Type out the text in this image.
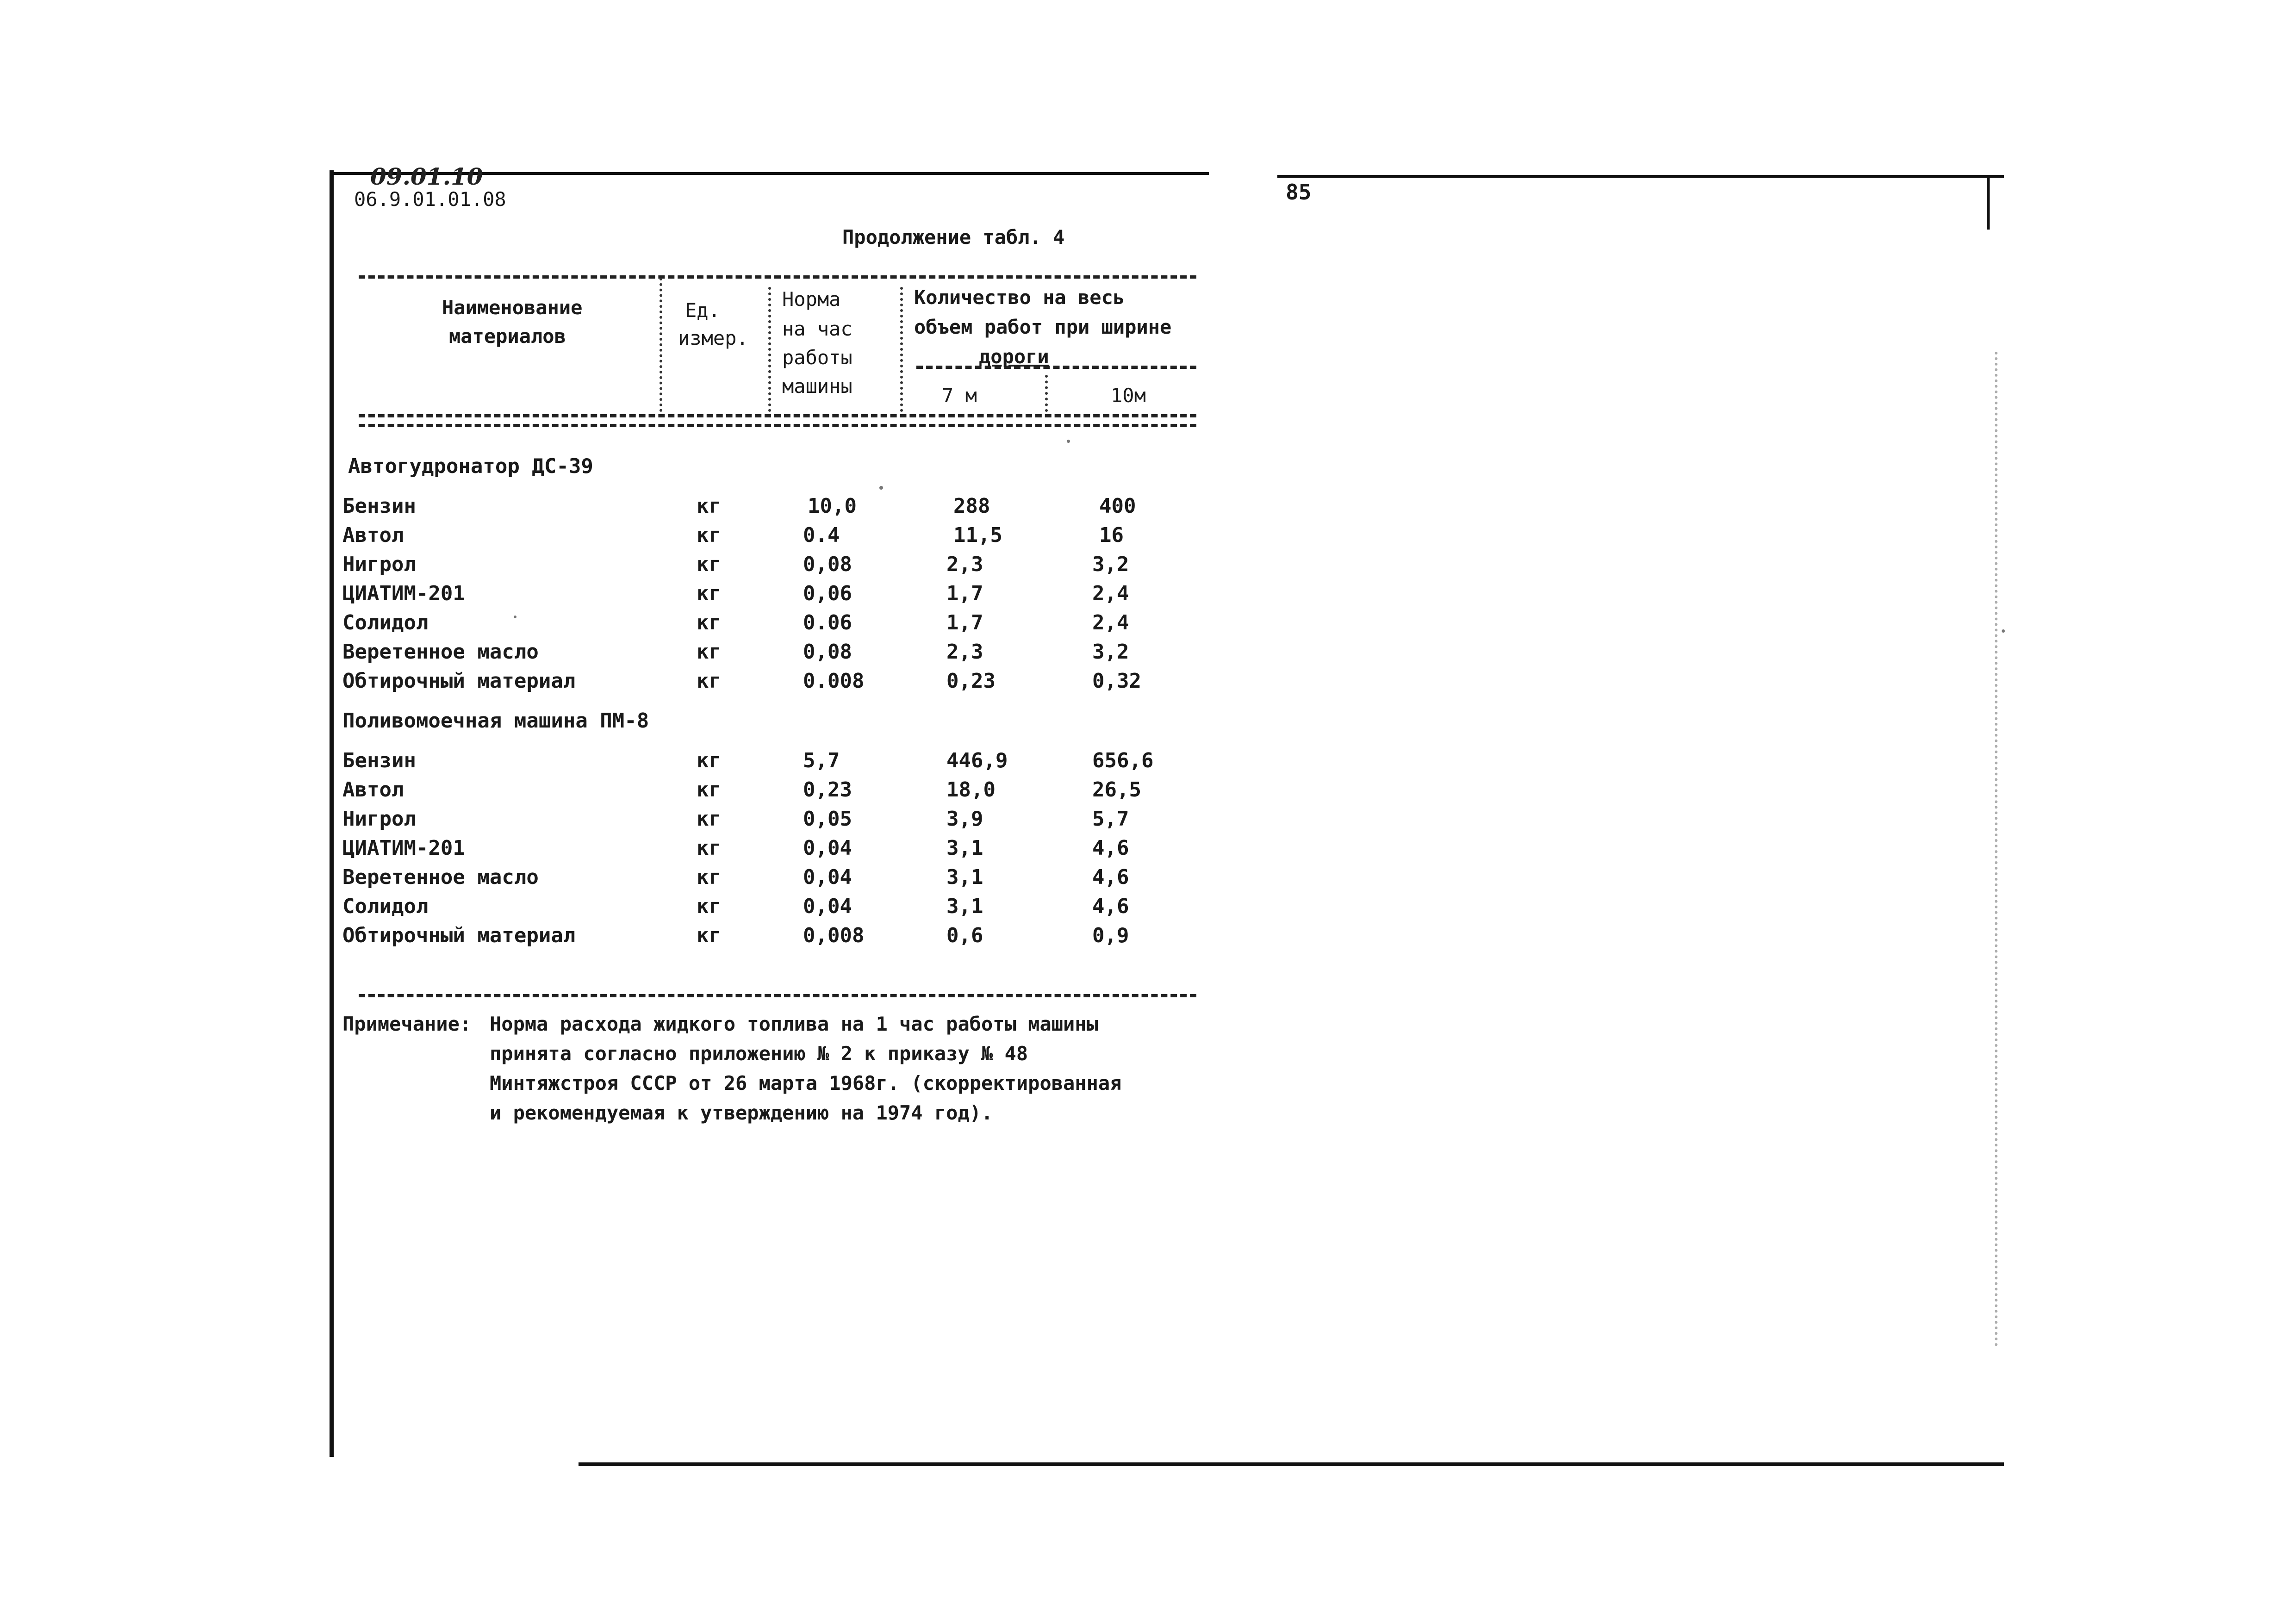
09.01.10
06.9.01.01.08	85
Продолжение табл. 4
Наименование
материалов
Ед.
измер.
Норма
на час
работы
машины
Количество на весь
объем работ при ширине
дороги
7 м	10м
Автогудронатор ДС-39
Бензин	кг	10,0	288	400
Автол	кг	0.4	11,5	16
Нигрол	кг	0,08	2,3	3,2
ЦИАТИМ-201	кг	0,06	1,7	2,4
Солидол	кг	0.06	1,7	2,4
Веретенное масло	кг	0,08	2,3	3,2
Обтирочный материал	кг	0.008	0,23	0,32
Поливомоечная машина ПМ-8
Бензин	кг	5,7	446,9	656,6
Автол	кг	0,23	18,0	26,5
Нигрол	кг	0,05	3,9	5,7
ЦИАТИМ-201	кг	0,04	3,1	4,6
Веретенное масло	кг	0,04	3,1	4,6
Солидол	кг	0,04	3,1	4,6
Обтирочный материал	кг	0,008	0,6	0,9
Примечание: Норма расхода жидкого топлива на 1 час работы машины
принята согласно приложению № 2 к приказу № 48
Минтяжстроя СССР от 26 марта 1968г. (скорректированная
и рекомендуемая к утверждению на 1974 год).
